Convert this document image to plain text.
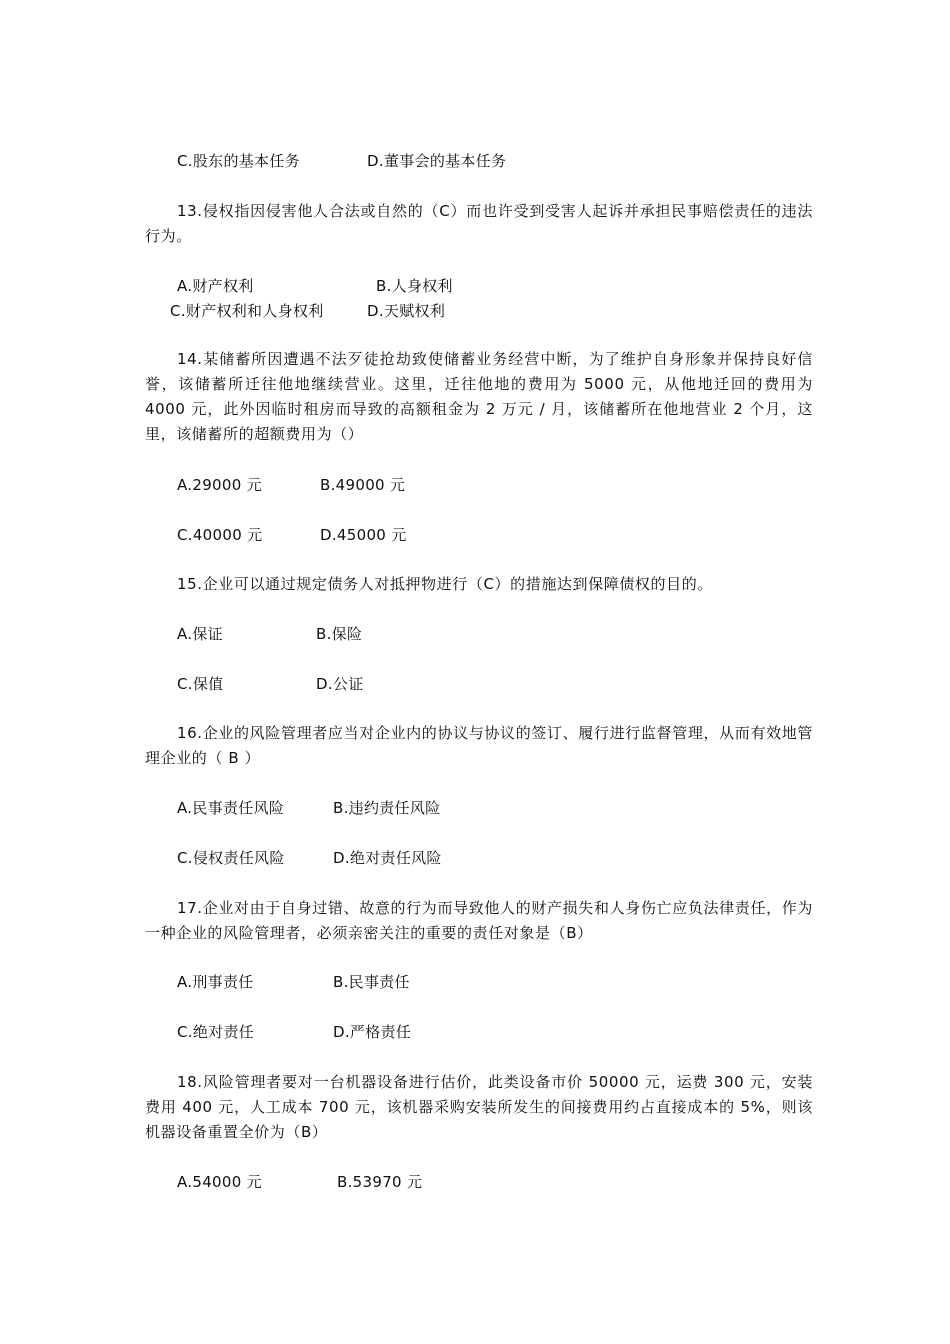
C.股东的基本任务	D.董事会的基本任务
13.侵权指因侵害他人合法或自然的（C）而也许受到受害人起诉并承担民事赔偿责任的违法行为。
A.财产权利	B.人身权利
C.财产权利和人身权利	D.天赋权利
14.某储蓄所因遭遇不法歹徒抢劫致使储蓄业务经营中断，为了维护自身形象并保持良好信誉，该储蓄所迁往他地继续营业。这里，迁往他地的费用为 5000 元，从他地迁回的费用为 4000 元，此外因临时租房而导致的高额租金为 2 万元 / 月，该储蓄所在他地营业 2 个月，这里，该储蓄所的超额费用为（）
A.29000 元	B.49000 元
C.40000 元	D.45000 元
15.企业可以通过规定债务人对抵押物进行（C）的措施达到保障债权的目的。
A.保证	B.保险
C.保值	D.公证
16.企业的风险管理者应当对企业内的协议与协议的签订、履行进行监督管理，从而有效地管理企业的（ B ）
A.民事责任风险	B.违约责任风险
C.侵权责任风险	D.绝对责任风险
17.企业对由于自身过错、故意的行为而导致他人的财产损失和人身伤亡应负法律责任，作为一种企业的风险管理者，必须亲密关注的重要的责任对象是（B）
A.刑事责任	B.民事责任
C.绝对责任	D.严格责任
18.风险管理者要对一台机器设备进行估价，此类设备市价 50000 元，运费 300 元，安装费用 400 元，人工成本 700 元，该机器采购安装所发生的间接费用约占直接成本的 5%，则该机器设备重置全价为（B）
A.54000 元	B.53970 元
